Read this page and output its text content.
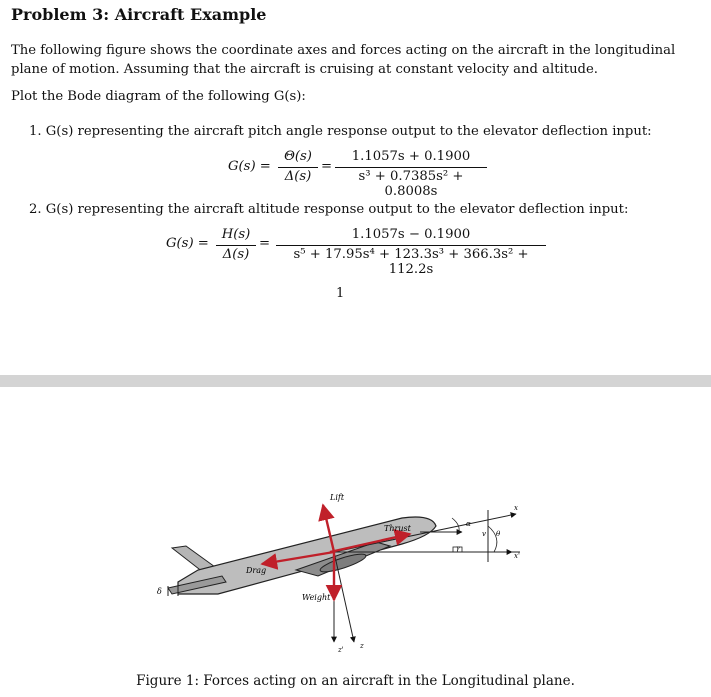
Problem 3: Aircraft Example
The following figure shows the coordinate axes and forces acting on the aircraft in the longitudinal
plane of motion. Assuming that the aircraft is cruising at constant velocity and altitude.
Plot the Bode diagram of the following G(s):
1. G(s) representing the aircraft pitch angle response output to the elevator deflection input:
G(s) =
Θ(s)
Δ(s)
=
1.1057s + 0.1900
s³ + 0.7385s² + 0.8008s
2. G(s) representing the aircraft altitude response output to the elevator deflection input:
G(s) =
H(s)
Δ(s)
=
1.1057s − 0.1900
s⁵ + 17.95s⁴ + 123.3s³ + 366.3s² + 112.2s
1
δ
Lift
Thrust
Drag
Weight
α
θ
γ
v
x
x'
z
z'
Figure 1: Forces acting on an aircraft in the Longitudinal plane.
